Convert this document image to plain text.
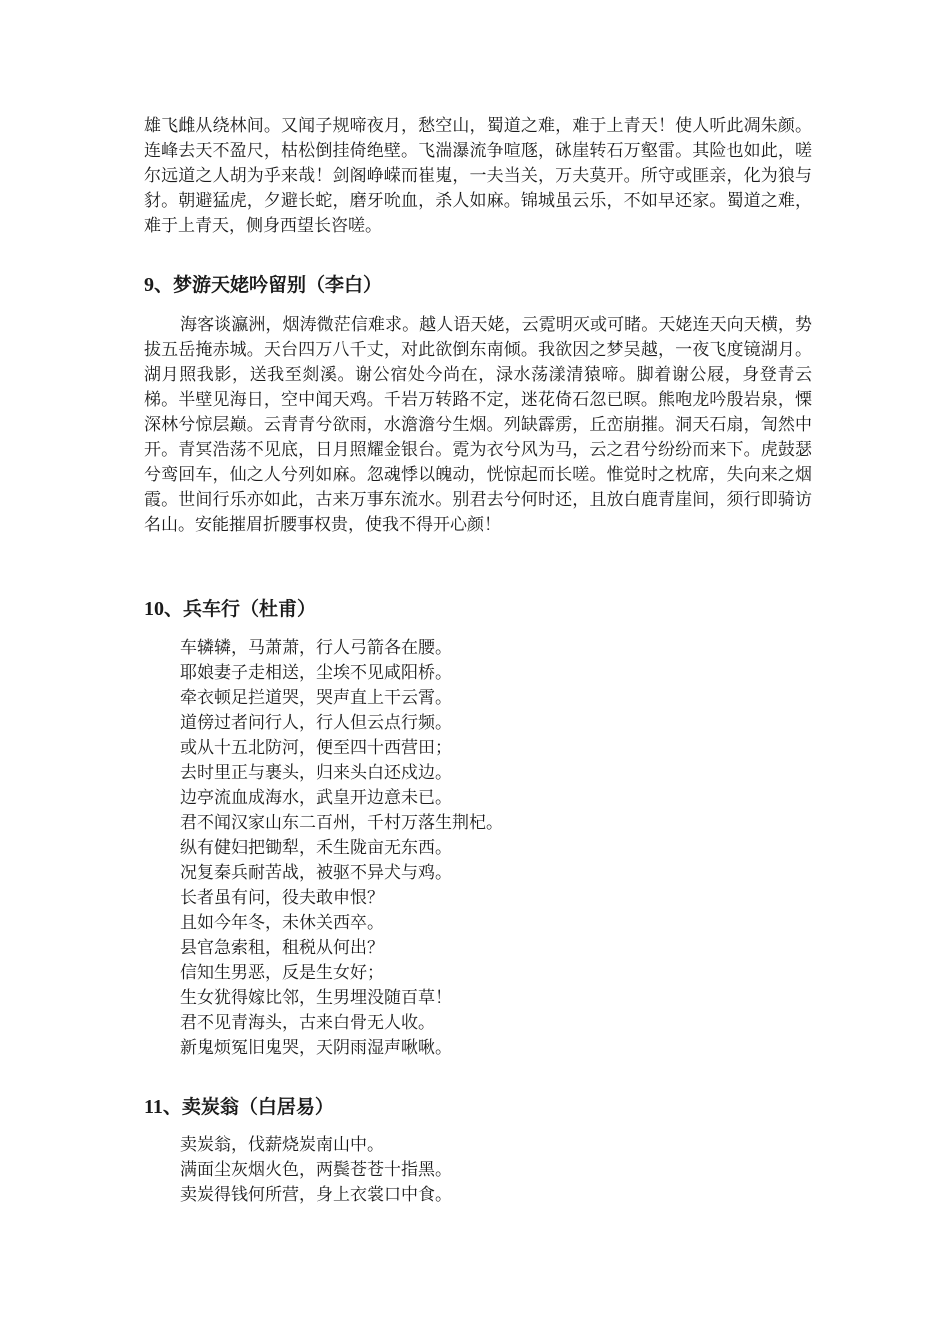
雄飞雌从绕林间。又闻子规啼夜月，愁空山，蜀道之难，难于上青天！使人听此凋朱颜。连峰去天不盈尺，枯松倒挂倚绝壁。飞湍瀑流争喧豗，砯崖转石万壑雷。其险也如此，嗟尔远道之人胡为乎来哉！剑阁峥嵘而崔嵬，一夫当关，万夫莫开。所守或匪亲，化为狼与豺。朝避猛虎，夕避长蛇，磨牙吮血，杀人如麻。锦城虽云乐，不如早还家。蜀道之难，难于上青天，侧身西望长咨嗟。

9、梦游天姥吟留别（李白）

海客谈瀛洲，烟涛微茫信难求。越人语天姥，云霓明灭或可睹。天姥连天向天横，势拔五岳掩赤城。天台四万八千丈，对此欲倒东南倾。我欲因之梦吴越，一夜飞度镜湖月。湖月照我影，送我至剡溪。谢公宿处今尚在，渌水荡漾清猿啼。脚着谢公屐，身登青云梯。半壁见海日，空中闻天鸡。千岩万转路不定，迷花倚石忽已暝。熊咆龙吟殷岩泉，慄深林兮惊层巅。云青青兮欲雨，水澹澹兮生烟。列缺霹雳，丘峦崩摧。洞天石扇，訇然中开。青冥浩荡不见底，日月照耀金银台。霓为衣兮风为马，云之君兮纷纷而来下。虎鼓瑟兮鸾回车，仙之人兮列如麻。忽魂悸以魄动，恍惊起而长嗟。惟觉时之枕席，失向来之烟霞。世间行乐亦如此，古来万事东流水。别君去兮何时还，且放白鹿青崖间，须行即骑访名山。安能摧眉折腰事权贵，使我不得开心颜！

10、兵车行（杜甫）
车辚辚，马萧萧，行人弓箭各在腰。
耶娘妻子走相送，尘埃不见咸阳桥。
牵衣顿足拦道哭，哭声直上干云霄。
道傍过者问行人，行人但云点行频。
或从十五北防河，便至四十西营田；
去时里正与裹头，归来头白还戍边。
边亭流血成海水，武皇开边意未已。
君不闻汉家山东二百州，千村万落生荆杞。
纵有健妇把锄犁，禾生陇亩无东西。
况复秦兵耐苦战，被驱不异犬与鸡。
长者虽有问，役夫敢申恨？
且如今年冬，未休关西卒。
县官急索租，租税从何出？
信知生男恶，反是生女好；
生女犹得嫁比邻，生男埋没随百草！
君不见青海头，古来白骨无人收。
新鬼烦冤旧鬼哭，天阴雨湿声啾啾。
11、卖炭翁（白居易）
卖炭翁，伐薪烧炭南山中。
满面尘灰烟火色，两鬓苍苍十指黑。
卖炭得钱何所营，身上衣裳口中食。
